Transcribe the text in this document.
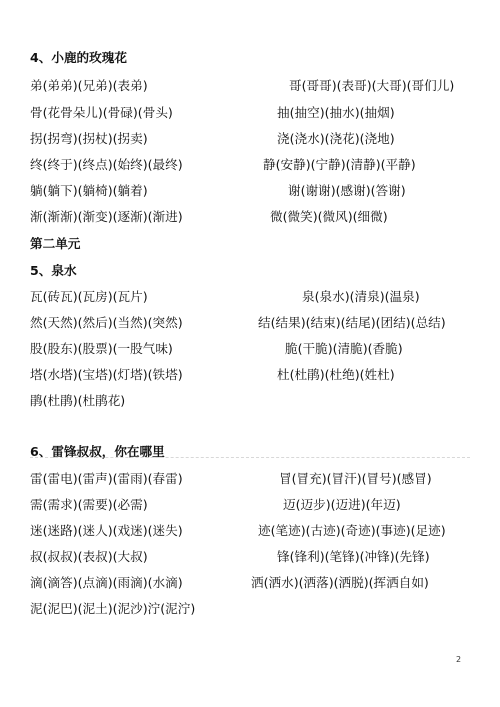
4、小鹿的玫瑰花
弟(弟弟)(兄弟)(表弟)	哥(哥哥)(表哥)(大哥)(哥们儿)
骨(花骨朵儿)(骨碌)(骨头)	抽(抽空)(抽水)(抽烟)
拐(拐弯)(拐杖)(拐卖)	浇(浇水)(浇花)(浇地)
终(终于)(终点)(始终)(最终)	静(安静)(宁静)(清静)(平静)
躺(躺下)(躺椅)(躺着)	谢(谢谢)(感谢)(答谢)
渐(渐渐)(渐变)(逐渐)(渐进)	微(微笑)(微风)(细微)
第二单元
5、泉水
瓦(砖瓦)(瓦房)(瓦片)	泉(泉水)(清泉)(温泉)
然(天然)(然后)(当然)(突然)	结(结果)(结束)(结尾)(团结)(总结)
股(股东)(股票)(一股气味)	脆(干脆)(清脆)(香脆)
塔(水塔)(宝塔)(灯塔)(铁塔)	杜(杜鹃)(杜绝)(姓杜)
鹃(杜鹃)(杜鹃花)
6、雷锋叔叔，你在哪里
雷(雷电)(雷声)(雷雨)(春雷)	冒(冒充)(冒汗)(冒号)(感冒)
需(需求)(需要)(必需)	迈(迈步)(迈进)(年迈)
迷(迷路)(迷人)(戏迷)(迷失)	迹(笔迹)(古迹)(奇迹)(事迹)(足迹)
叔(叔叔)(表叔)(大叔)	锋(锋利)(笔锋)(冲锋)(先锋)
滴(滴答)(点滴)(雨滴)(水滴)	洒(洒水)(洒落)(洒脱)(挥洒自如)
泥(泥巴)(泥土)(泥沙)泞(泥泞)
2
